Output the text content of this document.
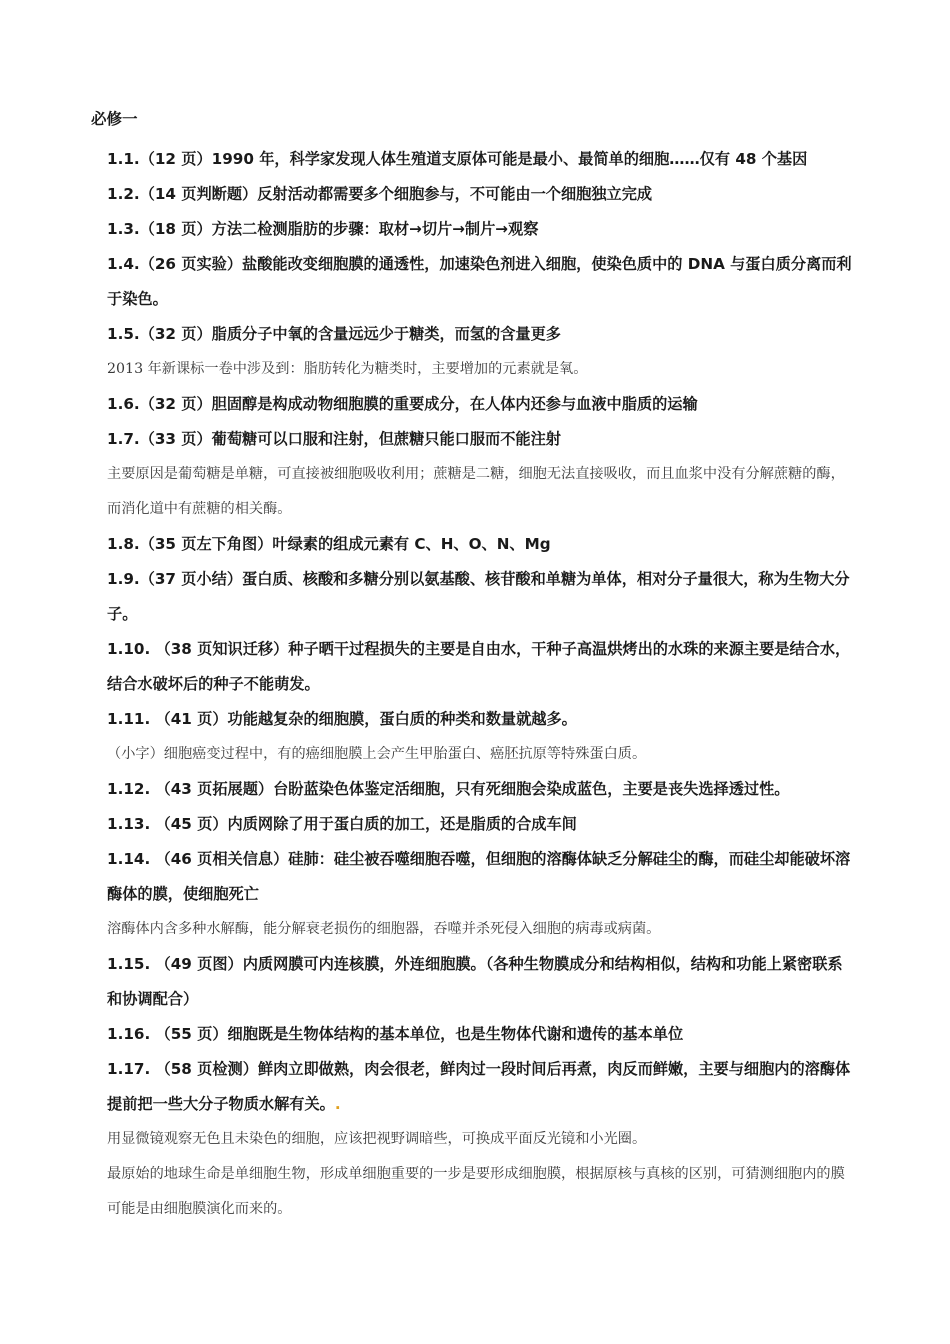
必修一

1.1.（12 页）1990 年，科学家发现人体生殖道支原体可能是最小、最简单的细胞……仅有 48 个基因

1.2.（14 页判断题）反射活动都需要多个细胞参与，不可能由一个细胞独立完成

1.3.（18 页）方法二检测脂肪的步骤：取材→切片→制片→观察

1.4.（26 页实验）盐酸能改变细胞膜的通透性，加速染色剂进入细胞，使染色质中的 DNA 与蛋白质分离而利于染色。

1.5.（32 页）脂质分子中氧的含量远远少于糖类，而氢的含量更多

2013 年新课标一卷中涉及到：脂肪转化为糖类时，主要增加的元素就是氧。

1.6.（32 页）胆固醇是构成动物细胞膜的重要成分，在人体内还参与血液中脂质的运输

1.7.（33 页）葡萄糖可以口服和注射，但蔗糖只能口服而不能注射

主要原因是葡萄糖是单糖，可直接被细胞吸收利用；蔗糖是二糖，细胞无法直接吸收，而且血浆中没有分解蔗糖的酶，而消化道中有蔗糖的相关酶。

1.8.（35 页左下角图）叶绿素的组成元素有 C、H、O、N、Mg

1.9.（37 页小结）蛋白质、核酸和多糖分别以氨基酸、核苷酸和单糖为单体，相对分子量很大，称为生物大分子。

1.10. （38 页知识迁移）种子晒干过程损失的主要是自由水，干种子高温烘烤出的水珠的来源主要是结合水，结合水破坏后的种子不能萌发。

1.11. （41 页）功能越复杂的细胞膜，蛋白质的种类和数量就越多。

（小字）细胞癌变过程中，有的癌细胞膜上会产生甲胎蛋白、癌胚抗原等特殊蛋白质。

1.12. （43 页拓展题）台盼蓝染色体鉴定活细胞，只有死细胞会染成蓝色，主要是丧失选择透过性。

1.13. （45 页）内质网除了用于蛋白质的加工，还是脂质的合成车间

1.14. （46 页相关信息）硅肺：硅尘被吞噬细胞吞噬，但细胞的溶酶体缺乏分解硅尘的酶，而硅尘却能破坏溶酶体的膜，使细胞死亡

溶酶体内含多种水解酶，能分解衰老损伤的细胞器，吞噬并杀死侵入细胞的病毒或病菌。

1.15. （49 页图）内质网膜可内连核膜，外连细胞膜。（各种生物膜成分和结构相似，结构和功能上紧密联系和协调配合）

1.16. （55 页）细胞既是生物体结构的基本单位，也是生物体代谢和遗传的基本单位

1.17. （58 页检测）鲜肉立即做熟，肉会很老，鲜肉过一段时间后再煮，肉反而鲜嫩，主要与细胞内的溶酶体提前把一些大分子物质水解有关。.

用显微镜观察无色且未染色的细胞，应该把视野调暗些，可换成平面反光镜和小光圈。

最原始的地球生命是单细胞生物，形成单细胞重要的一步是要形成细胞膜，根据原核与真核的区别，可猜测细胞内的膜可能是由细胞膜演化而来的。
